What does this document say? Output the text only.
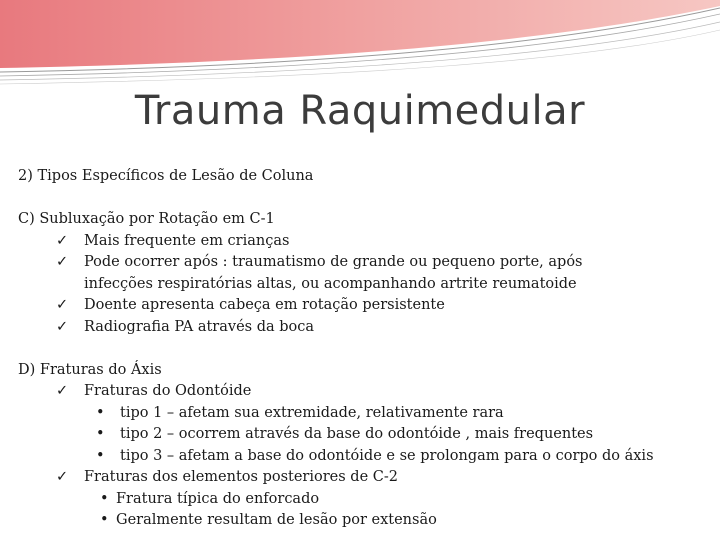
Trauma Raquimedular
2) Tipos Específicos de Lesão de Coluna
C) Subluxação por Rotação em C-1
✓ Mais frequente em crianças
✓ Pode ocorrer após : traumatismo de grande ou pequeno porte, após
infecções respiratórias altas, ou acompanhando artrite reumatoide
✓ Doente apresenta cabeça em rotação persistente
✓ Radiografia PA através da boca
D) Fraturas do Áxis
✓ Fraturas do Odontóide
• tipo 1 – afetam sua extremidade, relativamente rara
• tipo 2 – ocorrem através da base do odontóide , mais frequentes
• tipo 3 – afetam a base do odontóide e se prolongam para o corpo do áxis
✓ Fraturas dos elementos posteriores de C-2
• Fratura típica do enforcado
• Geralmente resultam de lesão por extensão
